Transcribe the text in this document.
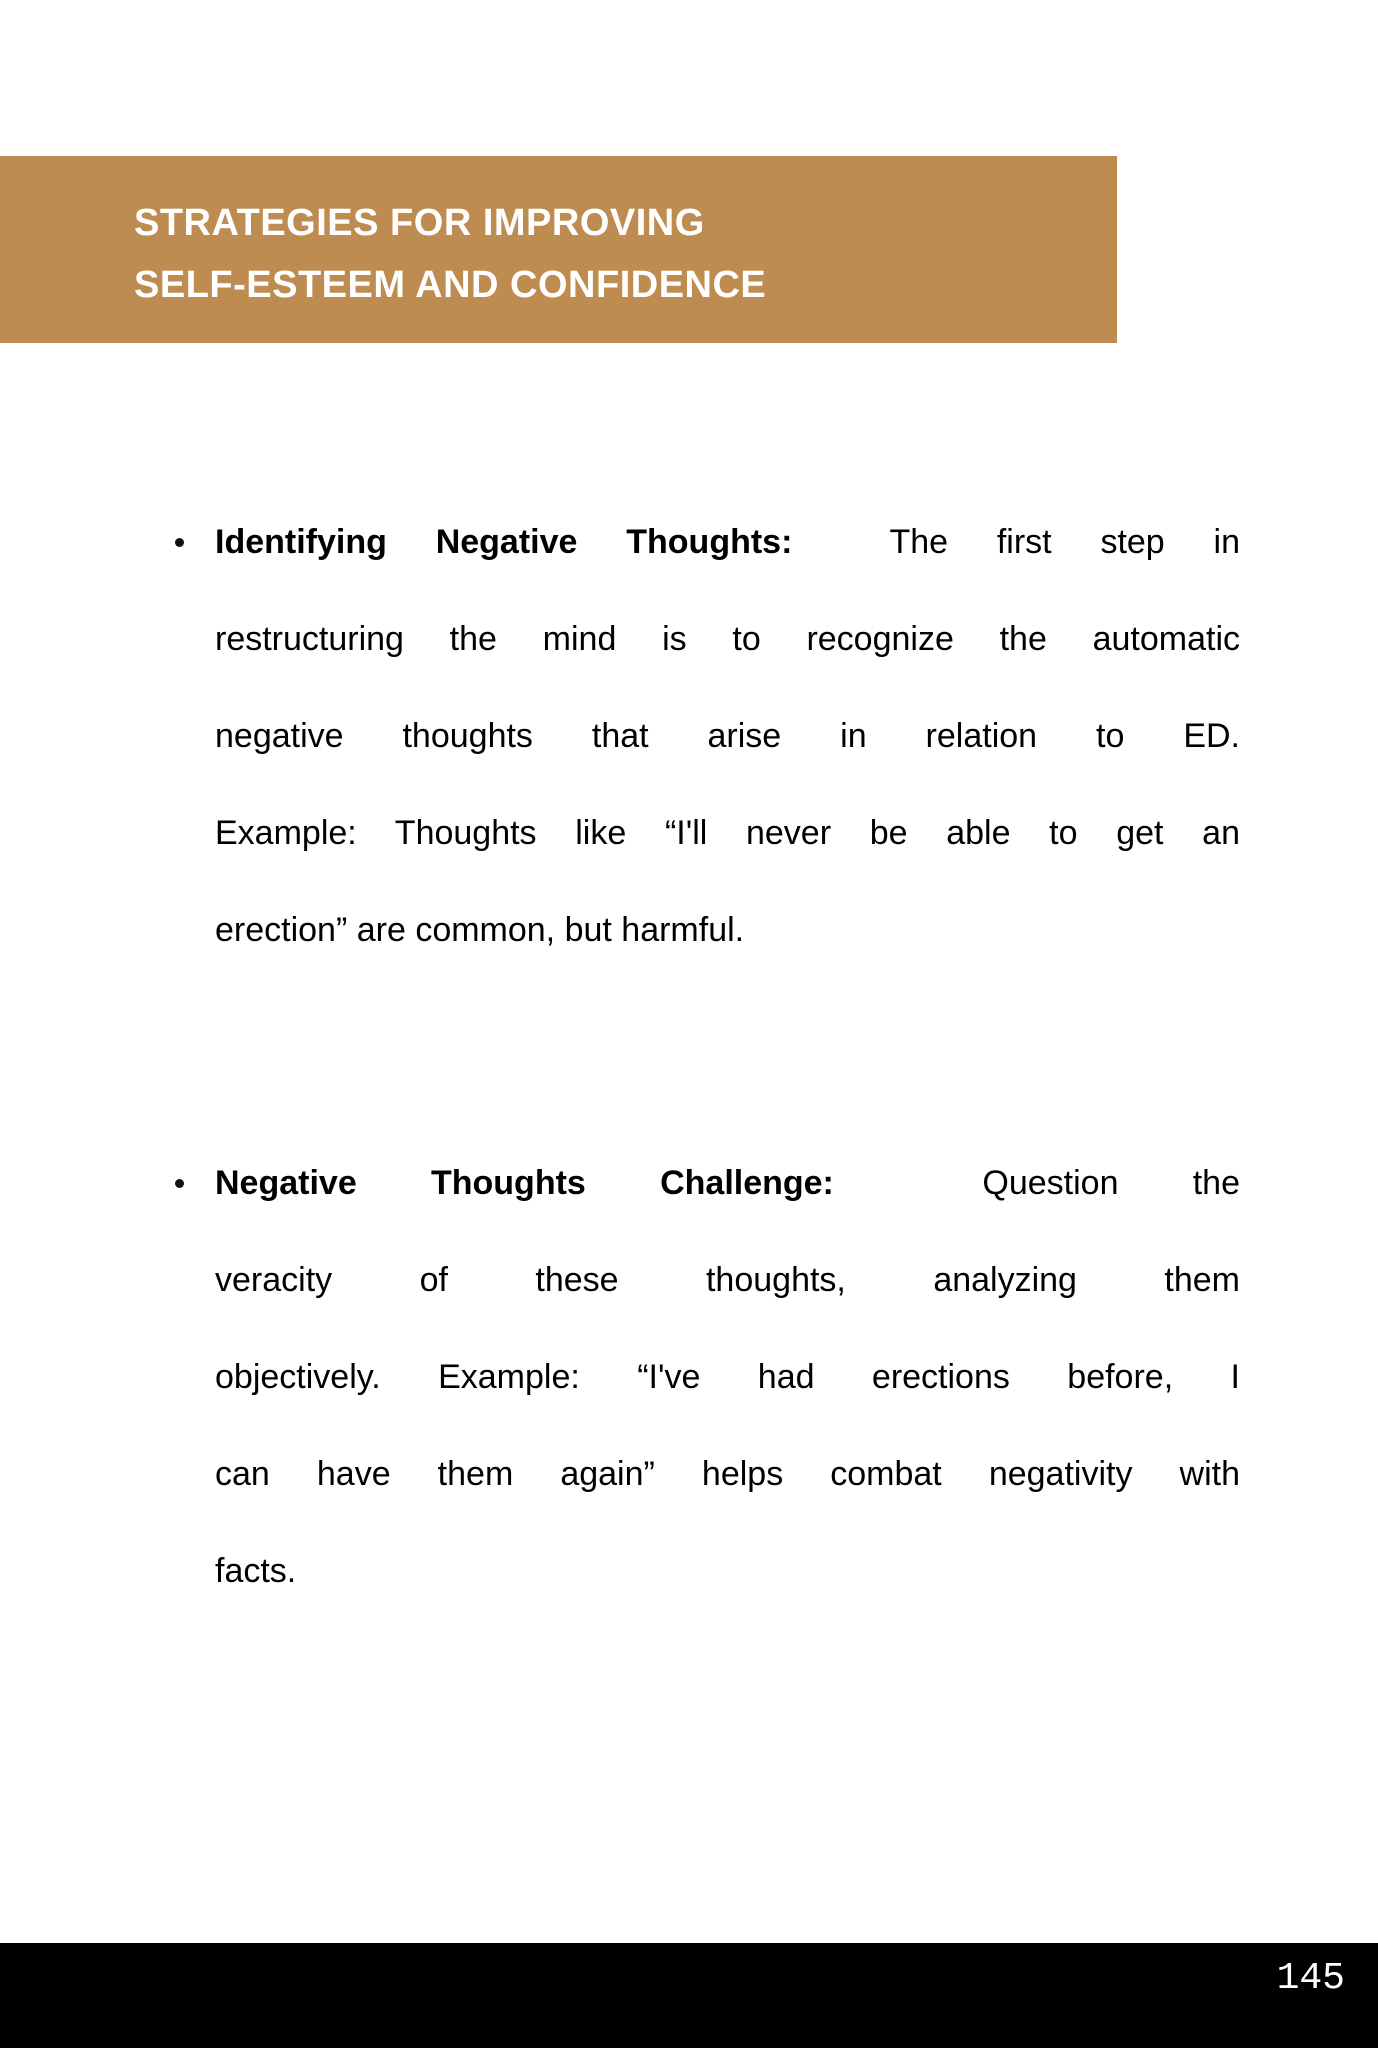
STRATEGIES FOR IMPROVING
SELF-ESTEEM AND CONFIDENCE
Identifying Negative Thoughts:  The first step in
restructuring the mind is to recognize the automatic
negative thoughts that arise in relation to ED.
Example: Thoughts like “I'll never be able to get an
erection” are common, but harmful.
Negative Thoughts Challenge:  Question the
veracity of these thoughts, analyzing them
objectively. Example: “I've had erections before, I
can have them again” helps combat negativity with
facts.
145
